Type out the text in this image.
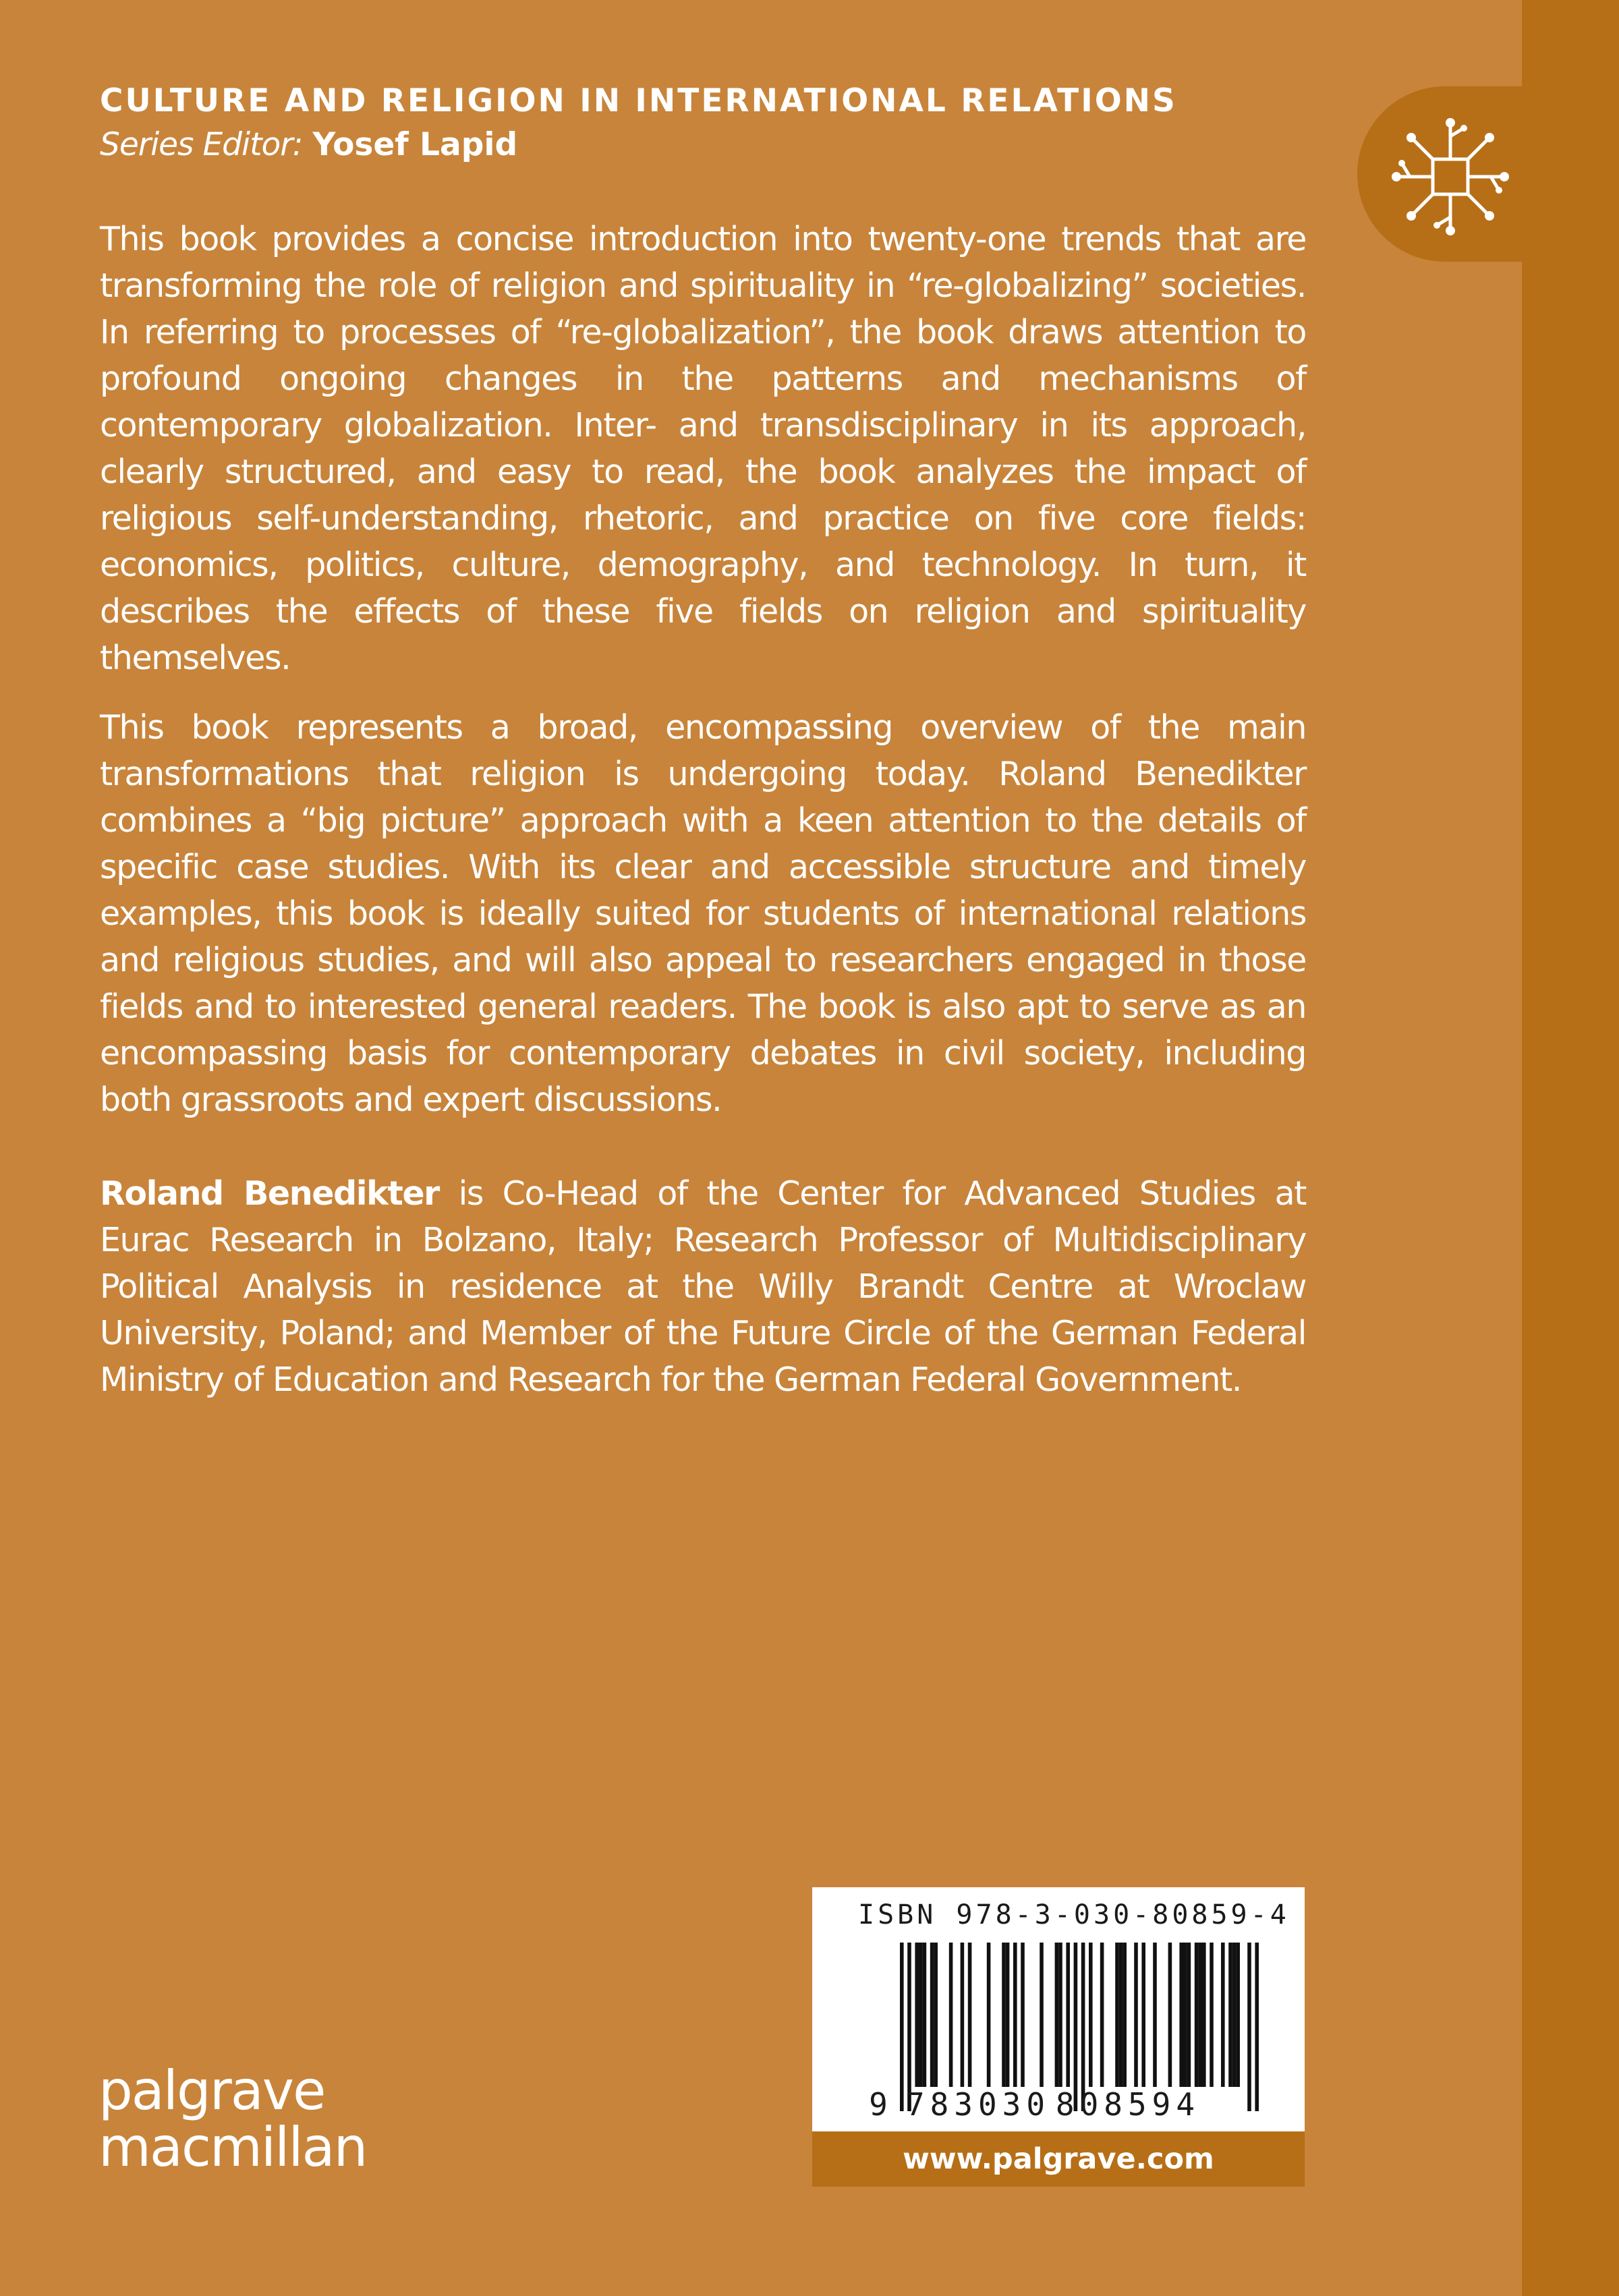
CULTURE AND RELIGION IN INTERNATIONAL RELATIONS
Series Editor: Yosef Lapid

This book provides a concise introduction into twenty-one trends that are transforming the role of religion and spirituality in “re-globalizing” societies. In referring to processes of “re-globalization”, the book draws attention to profound ongoing changes in the patterns and mechanisms of contemporary globalization. Inter- and transdisciplinary in its approach, clearly structured, and easy to read, the book analyzes the impact of religious self-understanding, rhetoric, and practice on five core fields: economics, politics, culture, demography, and technology. In turn, it describes the effects of these five fields on religion and spirituality themselves.

This book represents a broad, encompassing overview of the main transformations that religion is undergoing today. Roland Benedikter combines a “big picture” approach with a keen attention to the details of specific case studies. With its clear and accessible structure and timely examples, this book is ideally suited for students of international relations and religious studies, and will also appeal to researchers engaged in those fields and to interested general readers. The book is also apt to serve as an encompassing basis for contemporary debates in civil society, including both grassroots and expert discussions.

Roland Benedikter is Co-Head of the Center for Advanced Studies at Eurac Research in Bolzano, Italy; Research Professor of Multidisciplinary Political Analysis in residence at the Willy Brandt Centre at Wroclaw University, Poland; and Member of the Future Circle of the German Federal Ministry of Education and Research for the German Federal Government.

ISBN 978-3-030-80859-4
9 783030 808594
www.palgrave.com
palgrave
macmillan
